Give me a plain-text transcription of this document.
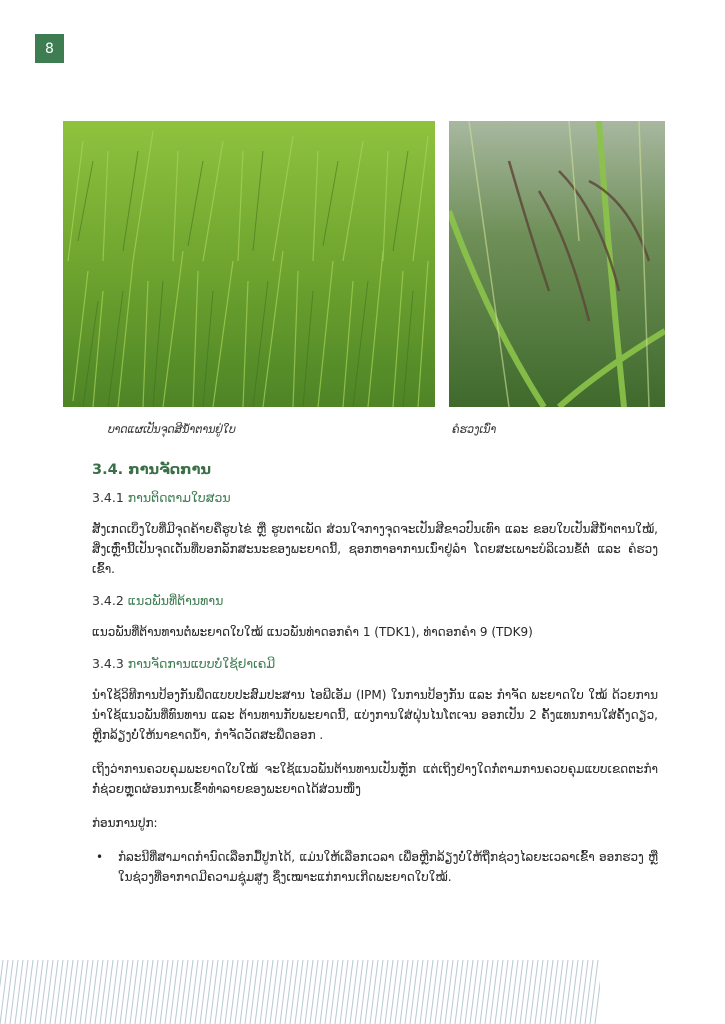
8
ບາດແຜເປັນຈຸດສີນ້ຳຕານຢູ່ໃບ	ຄໍຮວງເນົ່າ
3.4. ການຈັດການ
3.4.1 ການຕິດຕາມໃບສວນ

ສັງເກດເບິ່ງໃບທີ່ມີຈຸດຄ້າຍຄືຮູບໄຂ່ ຫຼື ຮູບຕາເພັດ ສ່ວນໃຈກາງຈຸດຈະເປັນສີຂາວປົນເທົາ ແລະ ຂອບໃບເປັນສີນ້ຳຕານໃໝ້, ສິ່ງເຫຼົ່ານີ້ເປັນຈຸດເດັ່ນທີ່ບອກລັກສະນະຂອງພະຍາດນີ້, ຊອກຫາອາການເນົ່າຢູ່ລຳ ໂດຍສະເພາະບໍລິເວນຂໍ້ຕໍ່ ແລະ ຄໍຮວງເຂົ້າ.

3.4.2 ແນວພັນທີ່ຕ້ານທານ

ແນວພັນທີ່ຕ້ານທານຕໍ່ພະຍາດໃບໃໝ້ ແນວພັນທ່າດອກຄຳ 1 (TDK1), ທ່າດອກຄຳ 9 (TDK9)

3.4.3 ການຈັດການແບບບໍ່ໃຊ້ຢາເຄມີ

ນຳໃຊ້ວິທີການປ້ອງກັນພືດແບບປະສົມປະສານ ໄອພີເອັມ (IPM) ໃນການປ້ອງກັນ ແລະ ກຳຈັດ ພະຍາດໃບ ໃໝ້ ດ້ວຍການນຳໃຊ້ແນວພັນທີ່ທົນທານ ແລະ ຕ້ານທານກັບພະຍາດນີ້, ແບ່ງການໃສ່ຝຸ່ນໄນໂຕເຈນ ອອກເປັນ 2 ຄັ້ງແທນການໃສ່ຄັ້ງດຽວ, ຫຼີກລ້ຽງບໍ່ໃຫ້ນາຂາດນ້ຳ, ກຳຈັດວັດສະພືດອອກ .

ເຖິງວ່າການຄວບຄຸມພະຍາດໃບໃໝ້ ຈະໃຊ້ແນວພັນຕ້ານທານເປັນຫຼັກ ແຕ່ເຖິງຢ່າງໃດກໍ່ຕາມການຄວບຄຸມແບບເຂດຕະກຳກໍ່ຊ່ວຍຫຼຸດຜ່ອນການເຂົ້າທຳລາຍຂອງພະຍາດໄດ້ສ່ວນໜຶ່ງ

ກ່ອນການປູກ:

• ກໍລະນີທີ່ສາມາດກຳນົດເລືອກມື້ປູກໄດ້, ແມ່ນໃຫ້ເລືອກເວລາ ເພື່ອຫຼີກລ້ຽງບໍ່ໃຫ້ຖືກຊ່ວງໄລຍະເວລາເຂົ້າ ອອກຮວງ ຫຼື ໃນຊ່ວງທີ່ອາກາດມີຄວາມຊຸ່ມສູງ ຊຶ່ງເໝາະແກ່ການເກີດພະຍາດໃບໃໝ້.
